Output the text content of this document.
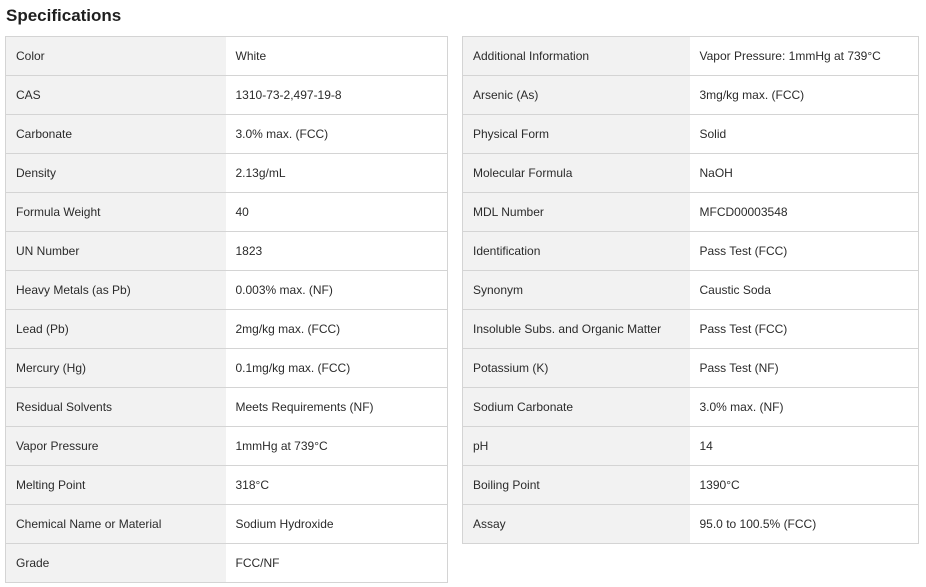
Specifications
Color	White
CAS	1310-73-2,497-19-8
Carbonate	3.0% max. (FCC)
Density	2.13g/mL
Formula Weight	40
UN Number	1823
Heavy Metals (as Pb)	0.003% max. (NF)
Lead (Pb)	2mg/kg max. (FCC)
Mercury (Hg)	0.1mg/kg max. (FCC)
Residual Solvents	Meets Requirements (NF)
Vapor Pressure	1mmHg at 739°C
Melting Point	318°C
Chemical Name or Material	Sodium Hydroxide
Grade	FCC/NF
Additional Information	Vapor Pressure: 1mmHg at 739°C
Arsenic (As)	3mg/kg max. (FCC)
Physical Form	Solid
Molecular Formula	NaOH
MDL Number	MFCD00003548
Identification	Pass Test (FCC)
Synonym	Caustic Soda
Insoluble Subs. and Organic Matter	Pass Test (FCC)
Potassium (K)	Pass Test (NF)
Sodium Carbonate	3.0% max. (NF)
pH	14
Boiling Point	1390°C
Assay	95.0 to 100.5% (FCC)
